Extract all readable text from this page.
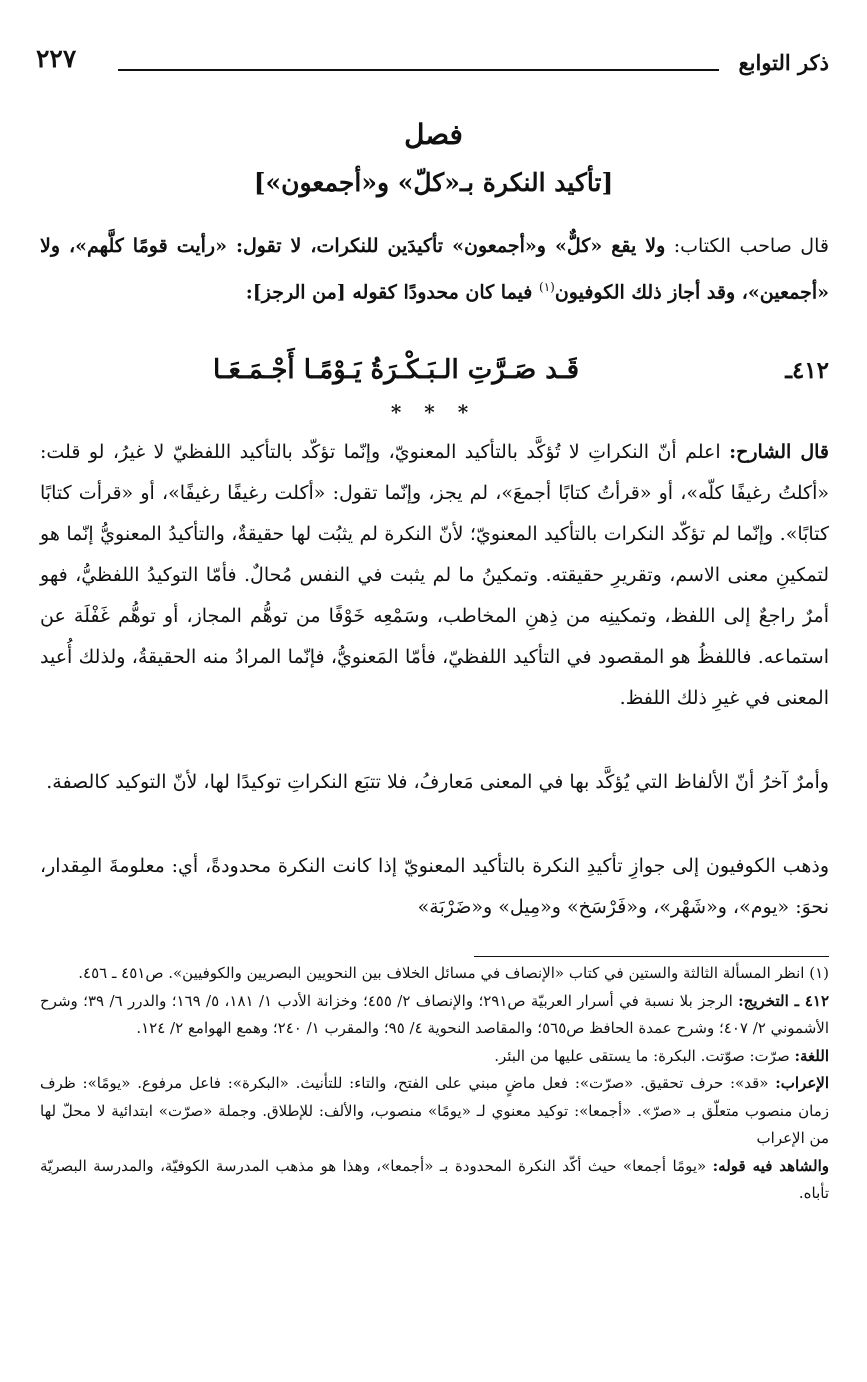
ذكر التوابع
٢٢٧
فصل
[تأكيد النكرة بـ«كلّ» و«أجمعون»]
قال صاحب الكتاب: ولا يقع «كلٌّ» و«أجمعون» تأكيدَين للنكرات، لا تقول: «رأيت قومًا كلَّهم»، ولا «أجمعين»، وقد أجاز ذلك الكوفيون$^{(١)}$ فيما كان محدودًا كقوله [من الرجز]:
٤١٢ـ
قَـد صَـرَّتِ الـبَـكْـرَةُ يَـوْمًـا أَجْـمَـعَـا
* * *
قال الشارح: اعلم أنّ النكراتِ لا تُؤكَّد بالتأكيد المعنويّ، وإنّما تؤكّد بالتأكيد اللفظيّ لا غيرُ، لو قلت: «أكلتُ رغيفًا كلّه»، أو «قرأتُ كتابًا أجمعَ»، لم يجز، وإنّما تقول: «أكلت رغيفًا رغيفًا»، أو «قرأت كتابًا كتابًا». وإنّما لم تؤكّد النكرات بالتأكيد المعنويّ؛ لأنّ النكرة لم يثبُت لها حقيقةٌ، والتأكيدُ المعنويُّ إنّما هو لتمكينِ معنى الاسم، وتقريرِ حقيقته. وتمكينُ ما لم يثبت في النفس مُحالٌ. فأمّا التوكيدُ اللفظيُّ، فهو أمرٌ راجعٌ إلى اللفظ، وتمكينِه من ذِهنِ المخاطب، وسَمْعِه خَوْفًا من توهُّم المجاز، أو توهُّم غَفْلَة عن استماعه. فاللفظُ هو المقصود في التأكيد اللفظيّ، فأمّا المَعنويُّ، فإنّما المرادُ منه الحقيقةُ، ولذلك أُعيد المعنى في غيرِ ذلك اللفظ.
وأمرٌ آخرُ أنّ الألفاظ التي يُؤكَّد بها في المعنى مَعارفُ، فلا تتبَع النكراتِ توكيدًا لها، لأنّ التوكيد كالصفة.
وذهب الكوفيون إلى جوازِ تأكيدِ النكرة بالتأكيد المعنويّ إذا كانت النكرة محدودةً، أي: معلومةَ المِقدار، نحوَ: «يوم»، و«شَهْر»، و«فَرْسَخ» و«مِيل» و«ضَرْبَة»

(١) انظر المسألة الثالثة والستين في كتاب «الإنصاف في مسائل الخلاف بين النحويين البصريين والكوفيين». ص٤٥١ ـ ٤٥٦.

٤١٢ ـ التخريج: الرجز بلا نسبة في أسرار العربيّة ص٢٩١؛ والإنصاف ٢/ ٤٥٥؛ وخزانة الأدب ١/ ١٨١، ٥/ ١٦٩؛ والدرر ٦/ ٣٩؛ وشرح الأشموني ٢/ ٤٠٧؛ وشرح عمدة الحافظ ص٥٦٥؛ والمقاصد النحوية ٤/ ٩٥؛ والمقرب ١/ ٢٤٠؛ وهمع الهوامع ٢/ ١٢٤.

اللغة: صرّت: صوّتت. البكرة: ما يستقى عليها من البئر.

الإعراب: «قد»: حرف تحقيق. «صرّت»: فعل ماضٍ مبني على الفتح، والتاء: للتأنيث. «البكرة»: فاعل مرفوع. «يومًا»: ظرف زمان منصوب متعلّق بـ «صرّ». «أجمعا»: توكيد معنوي لـ «يومًا» منصوب، والألف: للإطلاق. وجملة «صرّت» ابتدائية لا محلّ لها من الإعراب

والشاهد فيه قوله: «يومًا أجمعا» حيث أكّد النكرة المحدودة بـ «أجمعا»، وهذا هو مذهب المدرسة الكوفيّة، والمدرسة البصريّة تأباه.
